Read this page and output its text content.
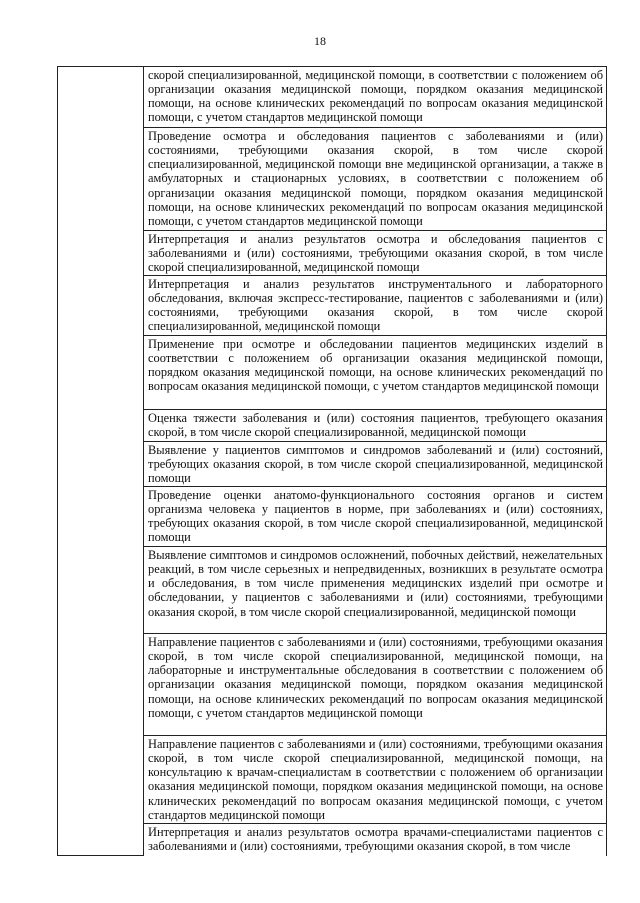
18
	скорой специализированной, медицинской помощи, в соответствии с положением об организации оказания медицинской помощи, порядком оказания медицинской помощи, на основе клинических рекомендаций по вопросам оказания медицинской помощи, с учетом стандартов медицинской помощи
Проведение осмотра и обследования пациентов с заболеваниями и (или) состояниями, требующими оказания скорой, в том числе скорой специализированной, медицинской помощи вне медицинской организации, а также в амбулаторных и стационарных условиях, в соответствии с положением об организации оказания медицинской помощи, порядком оказания медицинской помощи, на основе клинических рекомендаций по вопросам оказания медицинской помощи, с учетом стандартов медицинской помощи
Интерпретация и анализ результатов осмотра и обследования пациентов с заболеваниями и (или) состояниями, требующими оказания скорой, в том числе скорой специализированной, медицинской помощи
Интерпретация и анализ результатов инструментального и лабораторного обследования, включая экспресс-тестирование, пациентов с заболеваниями и (или) состояниями, требующими оказания скорой, в том числе скорой специализированной, медицинской помощи
Применение при осмотре и обследовании пациентов медицинских изделий в соответствии с положением об организации оказания медицинской помощи, порядком оказания медицинской помощи, на основе клинических рекомендаций по вопросам оказания медицинской помощи, с учетом стандартов медицинской помощи
Оценка тяжести заболевания и (или) состояния пациентов, требующего оказания скорой, в том числе скорой специализированной, медицинской помощи
Выявление у пациентов симптомов и синдромов заболеваний и (или) состояний, требующих оказания скорой, в том числе скорой специализированной, медицинской помощи
Проведение оценки анатомо-функционального состояния органов и систем организма человека у пациентов в норме, при заболеваниях и (или) состояниях, требующих оказания скорой, в том числе скорой специализированной, медицинской помощи
Выявление симптомов и синдромов осложнений, побочных действий, нежелательных реакций, в том числе серьезных и непредвиденных, возникших в результате осмотра и обследования, в том числе применения медицинских изделий при осмотре и обследовании, у пациентов с заболеваниями и (или) состояниями, требующими оказания скорой, в том числе скорой специализированной, медицинской помощи
Направление пациентов с заболеваниями и (или) состояниями, требующими оказания скорой, в том числе скорой специализированной, медицинской помощи, на лабораторные и инструментальные обследования в соответствии с положением об организации оказания медицинской помощи, порядком оказания медицинской помощи, на основе клинических рекомендаций по вопросам оказания медицинской помощи, с учетом стандартов медицинской помощи
Направление пациентов с заболеваниями и (или) состояниями, требующими оказания скорой, в том числе скорой специализированной, медицинской помощи, на консультацию к врачам-специалистам в соответствии с положением об организации оказания медицинской помощи, порядком оказания медицинской помощи, на основе клинических рекомендаций по вопросам оказания медицинской помощи, с учетом стандартов медицинской помощи
Интерпретация и анализ результатов осмотра врачами-специалистами пациентов с заболеваниями и (или) состояниями, требующими оказания скорой, в том числе
